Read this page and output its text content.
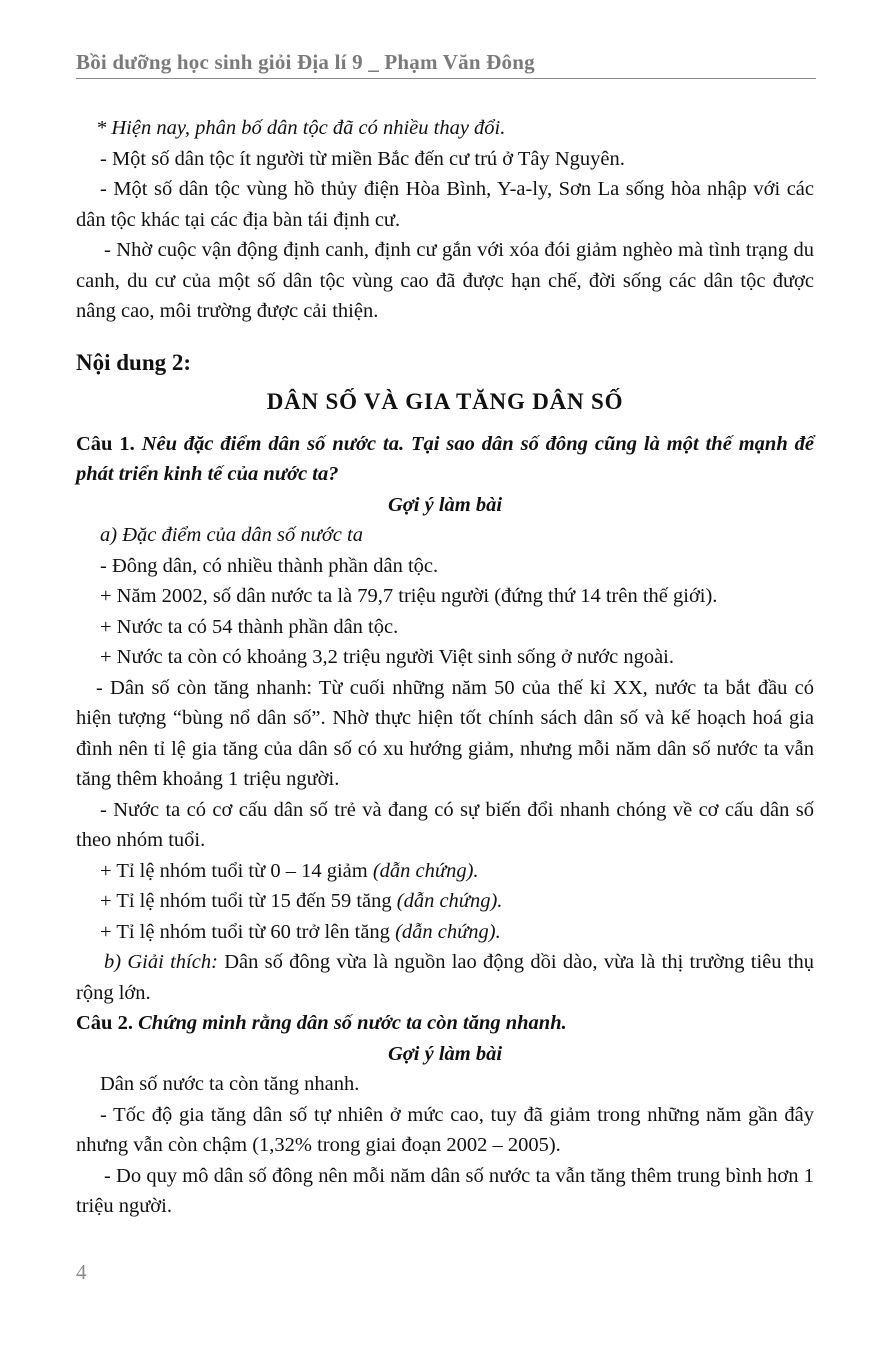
Bồi dưỡng học sinh giỏi Địa lí 9 _ Phạm Văn Đông

* Hiện nay, phân bố dân tộc đã có nhiều thay đổi.

- Một số dân tộc ít người từ miền Bắc đến cư trú ở Tây Nguyên.

- Một số dân tộc vùng hồ thủy điện Hòa Bình, Y-a-ly, Sơn La sống hòa nhập với các dân tộc khác tại các địa bàn tái định cư.

- Nhờ cuộc vận động định canh, định cư gắn với xóa đói giảm nghèo mà tình trạng du canh, du cư của một số dân tộc vùng cao đã được hạn chế, đời sống các dân tộc được nâng cao, môi trường được cải thiện.

Nội dung 2:

DÂN SỐ VÀ GIA TĂNG DÂN SỐ

Câu 1. Nêu đặc điểm dân số nước ta. Tại sao dân số đông cũng là một thế mạnh để phát triển kinh tế của nước ta?

Gợi ý làm bài

a) Đặc điểm của dân số nước ta

- Đông dân, có nhiều thành phần dân tộc.

+ Năm 2002, số dân nước ta là 79,7 triệu người (đứng thứ 14 trên thế giới).

+ Nước ta có 54 thành phần dân tộc.

+ Nước ta còn có khoảng 3,2 triệu người Việt sinh sống ở nước ngoài.

- Dân số còn tăng nhanh: Từ cuối những năm 50 của thế kỉ XX, nước ta bắt đầu có hiện tượng “bùng nổ dân số”. Nhờ thực hiện tốt chính sách dân số và kế hoạch hoá gia đình nên tỉ lệ gia tăng của dân số có xu hướng giảm, nhưng mỗi năm dân số nước ta vẫn tăng thêm khoảng 1 triệu người.

- Nước ta có cơ cấu dân số trẻ và đang có sự biến đổi nhanh chóng về cơ cấu dân số theo nhóm tuổi.

+ Tỉ lệ nhóm tuổi từ 0 – 14 giảm (dẫn chứng).

+ Tỉ lệ nhóm tuổi từ 15 đến 59 tăng (dẫn chứng).

+ Tỉ lệ nhóm tuổi từ 60 trở lên tăng (dẫn chứng).

b) Giải thích: Dân số đông vừa là nguồn lao động dồi dào, vừa là thị trường tiêu thụ rộng lớn.

Câu 2. Chứng minh rằng dân số nước ta còn tăng nhanh.

Gợi ý làm bài

Dân số nước ta còn tăng nhanh.

- Tốc độ gia tăng dân số tự nhiên ở mức cao, tuy đã giảm trong những năm gần đây nhưng vẫn còn chậm (1,32% trong giai đoạn 2002 – 2005).

- Do quy mô dân số đông nên mỗi năm dân số nước ta vẫn tăng thêm trung bình hơn 1 triệu người.

4
